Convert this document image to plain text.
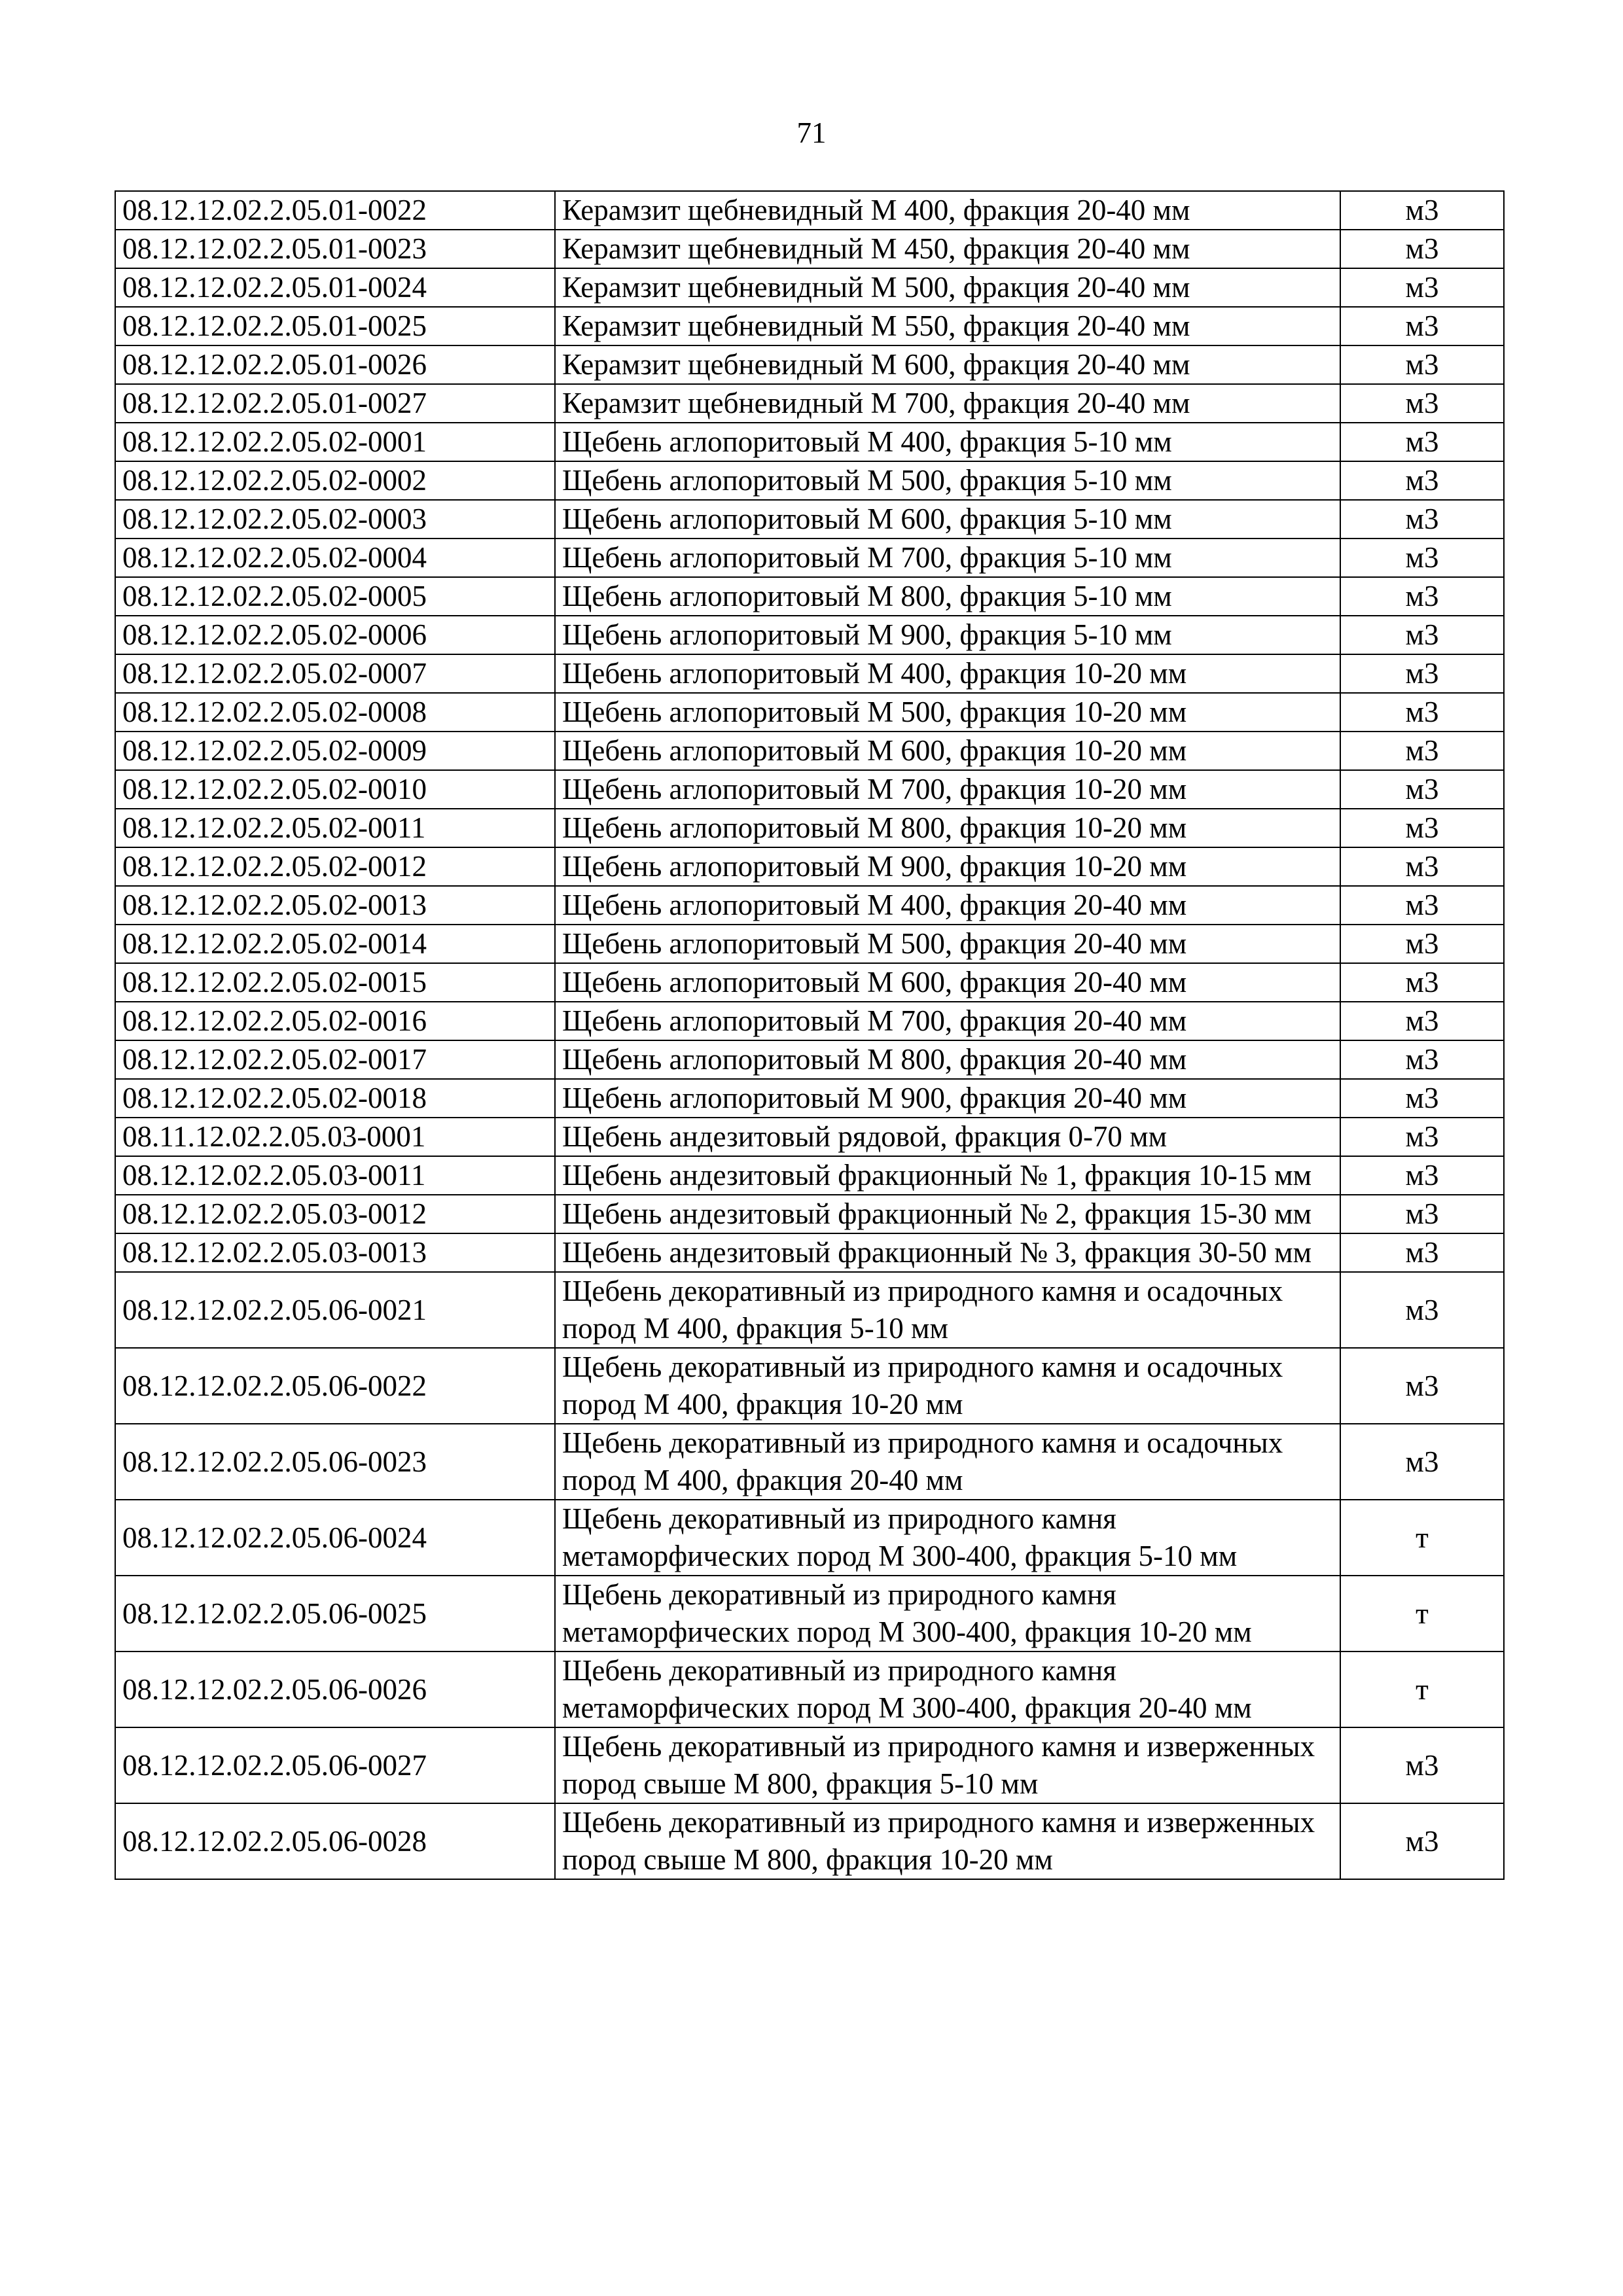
71
08.12.12.02.2.05.01-0022	Керамзит щебневидный М 400, фракция 20-40 мм	м3
08.12.12.02.2.05.01-0023	Керамзит щебневидный М 450, фракция 20-40 мм	м3
08.12.12.02.2.05.01-0024	Керамзит щебневидный М 500, фракция 20-40 мм	м3
08.12.12.02.2.05.01-0025	Керамзит щебневидный М 550, фракция 20-40 мм	м3
08.12.12.02.2.05.01-0026	Керамзит щебневидный М 600, фракция 20-40 мм	м3
08.12.12.02.2.05.01-0027	Керамзит щебневидный М 700, фракция 20-40 мм	м3
08.12.12.02.2.05.02-0001	Щебень аглопоритовый М 400, фракция 5-10 мм	м3
08.12.12.02.2.05.02-0002	Щебень аглопоритовый М 500, фракция 5-10 мм	м3
08.12.12.02.2.05.02-0003	Щебень аглопоритовый М 600, фракция 5-10 мм	м3
08.12.12.02.2.05.02-0004	Щебень аглопоритовый М 700, фракция 5-10 мм	м3
08.12.12.02.2.05.02-0005	Щебень аглопоритовый М 800, фракция 5-10 мм	м3
08.12.12.02.2.05.02-0006	Щебень аглопоритовый М 900, фракция 5-10 мм	м3
08.12.12.02.2.05.02-0007	Щебень аглопоритовый М 400, фракция 10-20 мм	м3
08.12.12.02.2.05.02-0008	Щебень аглопоритовый М 500, фракция 10-20 мм	м3
08.12.12.02.2.05.02-0009	Щебень аглопоритовый М 600, фракция 10-20 мм	м3
08.12.12.02.2.05.02-0010	Щебень аглопоритовый М 700, фракция 10-20 мм	м3
08.12.12.02.2.05.02-0011	Щебень аглопоритовый М 800, фракция 10-20 мм	м3
08.12.12.02.2.05.02-0012	Щебень аглопоритовый М 900, фракция 10-20 мм	м3
08.12.12.02.2.05.02-0013	Щебень аглопоритовый М 400, фракция 20-40 мм	м3
08.12.12.02.2.05.02-0014	Щебень аглопоритовый М 500, фракция 20-40 мм	м3
08.12.12.02.2.05.02-0015	Щебень аглопоритовый М 600, фракция 20-40 мм	м3
08.12.12.02.2.05.02-0016	Щебень аглопоритовый М 700, фракция 20-40 мм	м3
08.12.12.02.2.05.02-0017	Щебень аглопоритовый М 800, фракция 20-40 мм	м3
08.12.12.02.2.05.02-0018	Щебень аглопоритовый М 900, фракция 20-40 мм	м3
08.11.12.02.2.05.03-0001	Щебень андезитовый рядовой, фракция 0-70 мм	м3
08.12.12.02.2.05.03-0011	Щебень андезитовый фракционный № 1, фракция 10-15 мм	м3
08.12.12.02.2.05.03-0012	Щебень андезитовый фракционный № 2, фракция 15-30 мм	м3
08.12.12.02.2.05.03-0013	Щебень андезитовый фракционный № 3, фракция 30-50 мм	м3
08.12.12.02.2.05.06-0021	Щебень декоративный из природного камня и осадочных пород М 400, фракция 5-10 мм	м3
08.12.12.02.2.05.06-0022	Щебень декоративный из природного камня и осадочных пород М 400, фракция 10-20 мм	м3
08.12.12.02.2.05.06-0023	Щебень декоративный из природного камня и осадочных пород М 400, фракция 20-40 мм	м3
08.12.12.02.2.05.06-0024	Щебень декоративный из природного камня метаморфических пород М 300-400, фракция 5-10 мм	т
08.12.12.02.2.05.06-0025	Щебень декоративный из природного камня метаморфических пород М 300-400, фракция 10-20 мм	т
08.12.12.02.2.05.06-0026	Щебень декоративный из природного камня метаморфических пород М 300-400, фракция 20-40 мм	т
08.12.12.02.2.05.06-0027	Щебень декоративный из природного камня и изверженных пород свыше М 800, фракция 5-10 мм	м3
08.12.12.02.2.05.06-0028	Щебень декоративный из природного камня и изверженных пород свыше М 800, фракция 10-20 мм	м3
